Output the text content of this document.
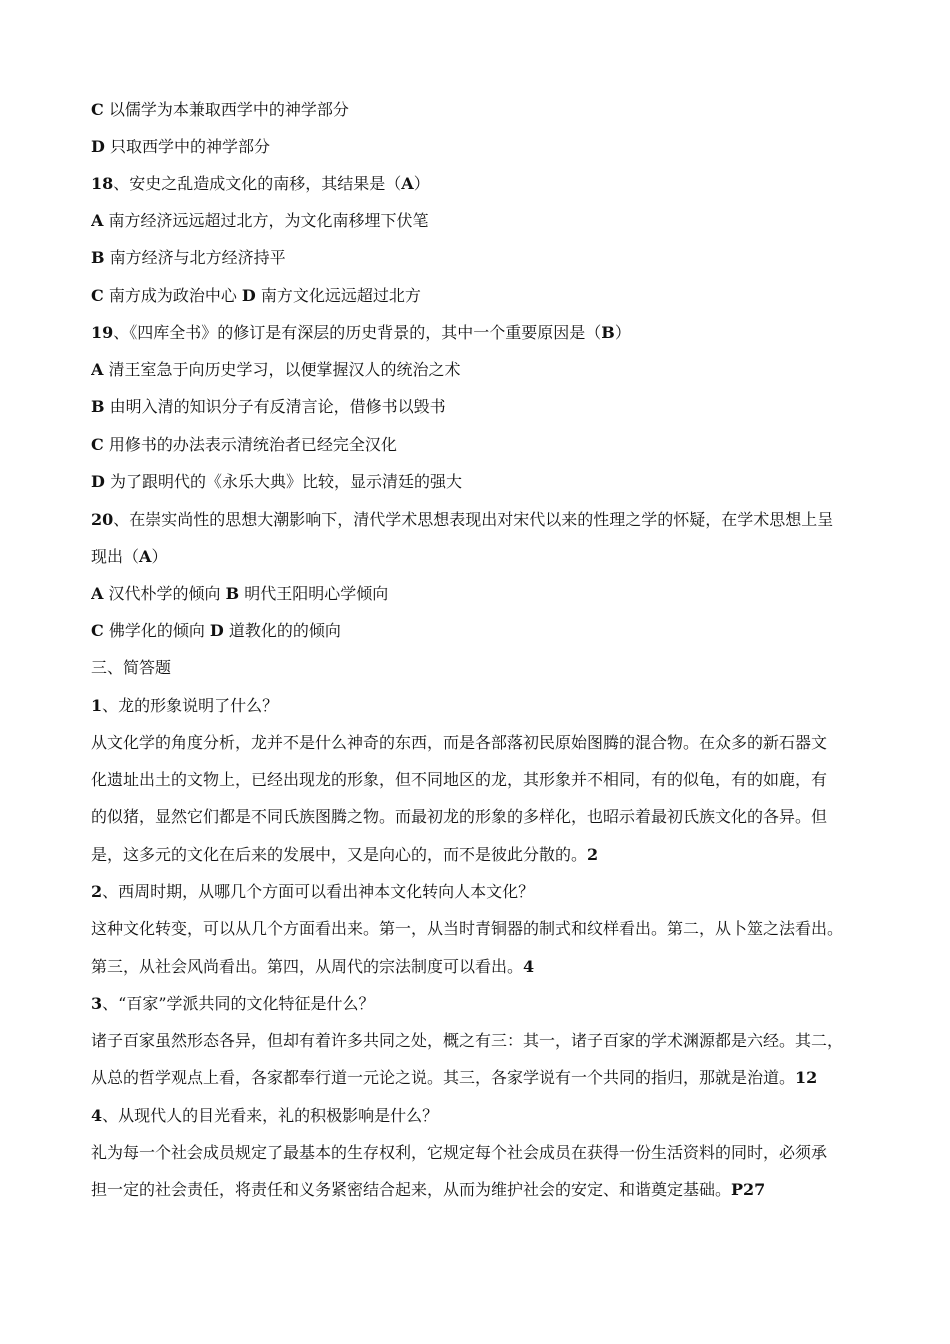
C 以儒学为本兼取西学中的神学部分
D 只取西学中的神学部分
18、安史之乱造成文化的南移，其结果是（A）
A 南方经济远远超过北方，为文化南移埋下伏笔
B 南方经济与北方经济持平
C 南方成为政治中心 D 南方文化远远超过北方
19、《四库全书》的修订是有深层的历史背景的，其中一个重要原因是（B）
A 清王室急于向历史学习，以便掌握汉人的统治之术
B 由明入清的知识分子有反清言论，借修书以毁书
C 用修书的办法表示清统治者已经完全汉化
D 为了跟明代的《永乐大典》比较，显示清廷的强大
20、在崇实尚性的思想大潮影响下，清代学术思想表现出对宋代以来的性理之学的怀疑，在学术思想上呈
现出（A）
A 汉代朴学的倾向 B 明代王阳明心学倾向
C 佛学化的倾向 D 道教化的的倾向
三、简答题
1、龙的形象说明了什么？
从文化学的角度分析，龙并不是什么神奇的东西，而是各部落初民原始图腾的混合物。在众多的新石器文
化遗址出土的文物上，已经出现龙的形象，但不同地区的龙，其形象并不相同，有的似龟，有的如鹿，有
的似猪，显然它们都是不同氏族图腾之物。而最初龙的形象的多样化，也昭示着最初氏族文化的各异。但
是，这多元的文化在后来的发展中，又是向心的，而不是彼此分散的。2
2、西周时期，从哪几个方面可以看出神本文化转向人本文化？
这种文化转变，可以从几个方面看出来。第一，从当时青铜器的制式和纹样看出。第二，从卜筮之法看出。
第三，从社会风尚看出。第四，从周代的宗法制度可以看出。4
3、“百家”学派共同的文化特征是什么？
诸子百家虽然形态各异，但却有着许多共同之处，概之有三：其一，诸子百家的学术渊源都是六经。其二，
从总的哲学观点上看，各家都奉行道一元论之说。其三，各家学说有一个共同的指归，那就是治道。12
4、从现代人的目光看来，礼的积极影响是什么？
礼为每一个社会成员规定了最基本的生存权利，它规定每个社会成员在获得一份生活资料的同时，必须承
担一定的社会责任，将责任和义务紧密结合起来，从而为维护社会的安定、和谐奠定基础。P27
